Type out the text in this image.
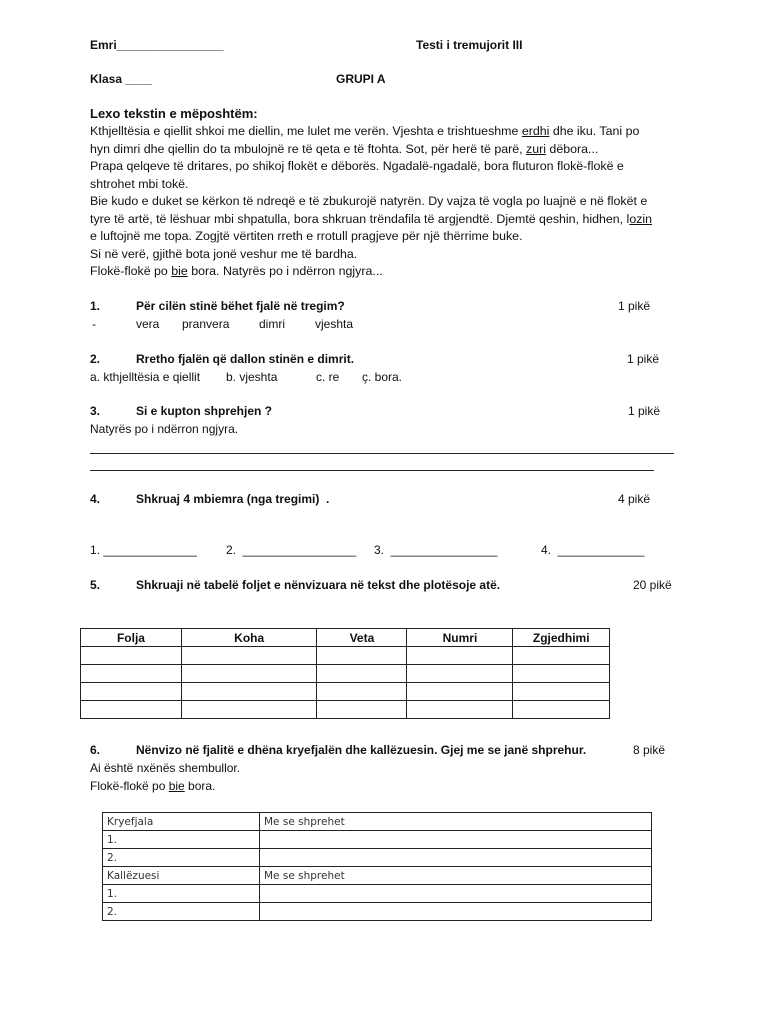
Emri________________	Testi i tremujorit III
Klasa ____	GRUPI A
Lexo tekstin e mëposhtëm:
Kthjelltësia e qiellit shkoi me diellin, me lulet me verën. Vjeshta e trishtueshme erdhi dhe iku. Tani po
hyn dimri dhe qiellin do ta mbulojnë re të qeta e të ftohta. Sot, për herë të parë, zuri dëbora...
Prapa qelqeve të dritares, po shikoj flokët e dëborës. Ngadalë-ngadalë, bora fluturon flokë-flokë e
shtrohet mbi tokë.
Bie kudo e duket se kërkon të ndreqë e të zbukurojë natyrën. Dy vajza të vogla po luajnë e në flokët e
tyre të artë, të lëshuar mbi shpatulla, bora shkruan trëndafila të argjendtë. Djemtë qeshin, hidhen, lozin
e luftojnë me topa. Zogjtë vërtiten rreth e rrotull pragjeve për një thërrime buke.
Si në verë, gjithë bota jonë veshur me të bardha.
Flokë-flokë po bie bora. Natyrës po i ndërron ngjyra...
1.	Për cilën stinë bëhet fjalë në tregim?	1 pikë
-	vera pranvera dimri	vjeshta
2.	Rretho fjalën që dallon stinën e dimrit.	1 pikë
a. kthjelltësia e qiellit b. vjeshta	c. re ç. bora.
3.	Si e kupton shprehjen ?	1 pikë
Natyrës po i ndërron ngjyra.
4.	Shkruaj 4 mbiemra (nga tregimi)  .	4 pikë
1. ______________ 2.  _________________ 3.  ________________	4.  _____________
5.	Shkruaji në tabelë foljet e nënvizuara në tekst dhe plotësoje atë.	20 pikë
Folja	Koha	Veta	Numri	Zgjedhimi

6.	Nënvizo në fjalitë e dhëna kryefjalën dhe kallëzuesin. Gjej me se janë shprehur.	8 pikë
Ai është nxënës shembullor.
Flokë-flokë po bie bora.
Kryefjala	Me se shprehet
1.	
2.	
Kallëzuesi	Me se shprehet
1.	
2.	
